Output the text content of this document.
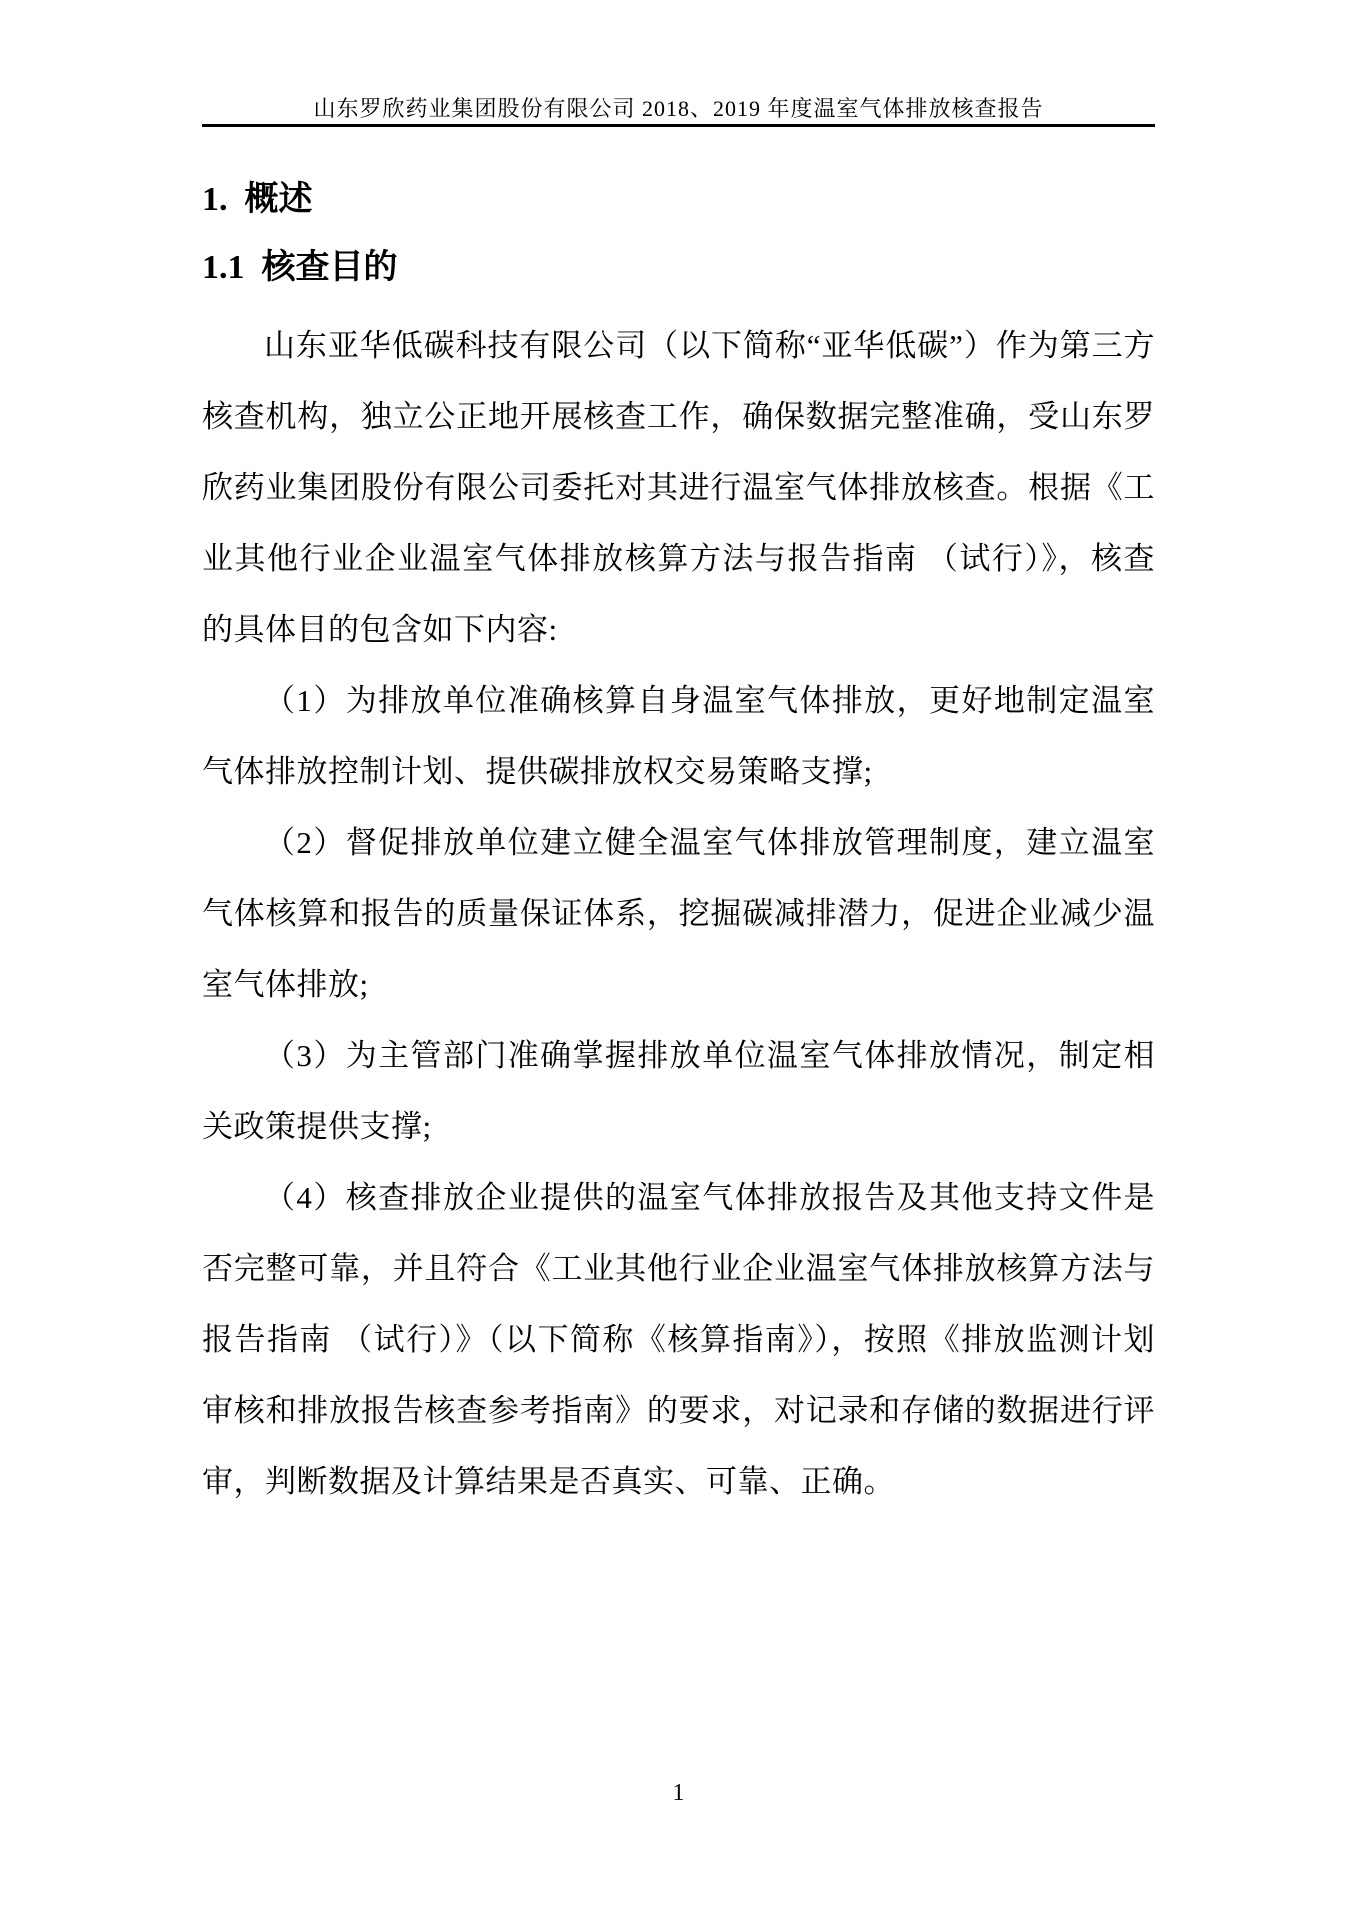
山东罗欣药业集团股份有限公司 2018、2019 年度温室气体排放核查报告
1. 概述
1.1 核查目的

山东亚华低碳科技有限公司（以下简称“亚华低碳”）作为第三方核查机构，独立公正地开展核查工作，确保数据完整准确，受山东罗欣药业集团股份有限公司委托对其进行温室气体排放核查。根据《工业其他行业企业温室气体排放核算方法与报告指南 （试行）》，核查的具体目的包含如下内容:

（1）为排放单位准确核算自身温室气体排放，更好地制定温室气体排放控制计划、提供碳排放权交易策略支撑;

（2）督促排放单位建立健全温室气体排放管理制度，建立温室气体核算和报告的质量保证体系，挖掘碳减排潜力，促进企业减少温室气体排放;

（3）为主管部门准确掌握排放单位温室气体排放情况，制定相关政策提供支撑;

（4）核查排放企业提供的温室气体排放报告及其他支持文件是否完整可靠，并且符合《工业其他行业企业温室气体排放核算方法与报告指南 （试行）》（以下简称《核算指南》），按照《排放监测计划审核和排放报告核查参考指南》的要求，对记录和存储的数据进行评审，判断数据及计算结果是否真实、可靠、正确。

1
